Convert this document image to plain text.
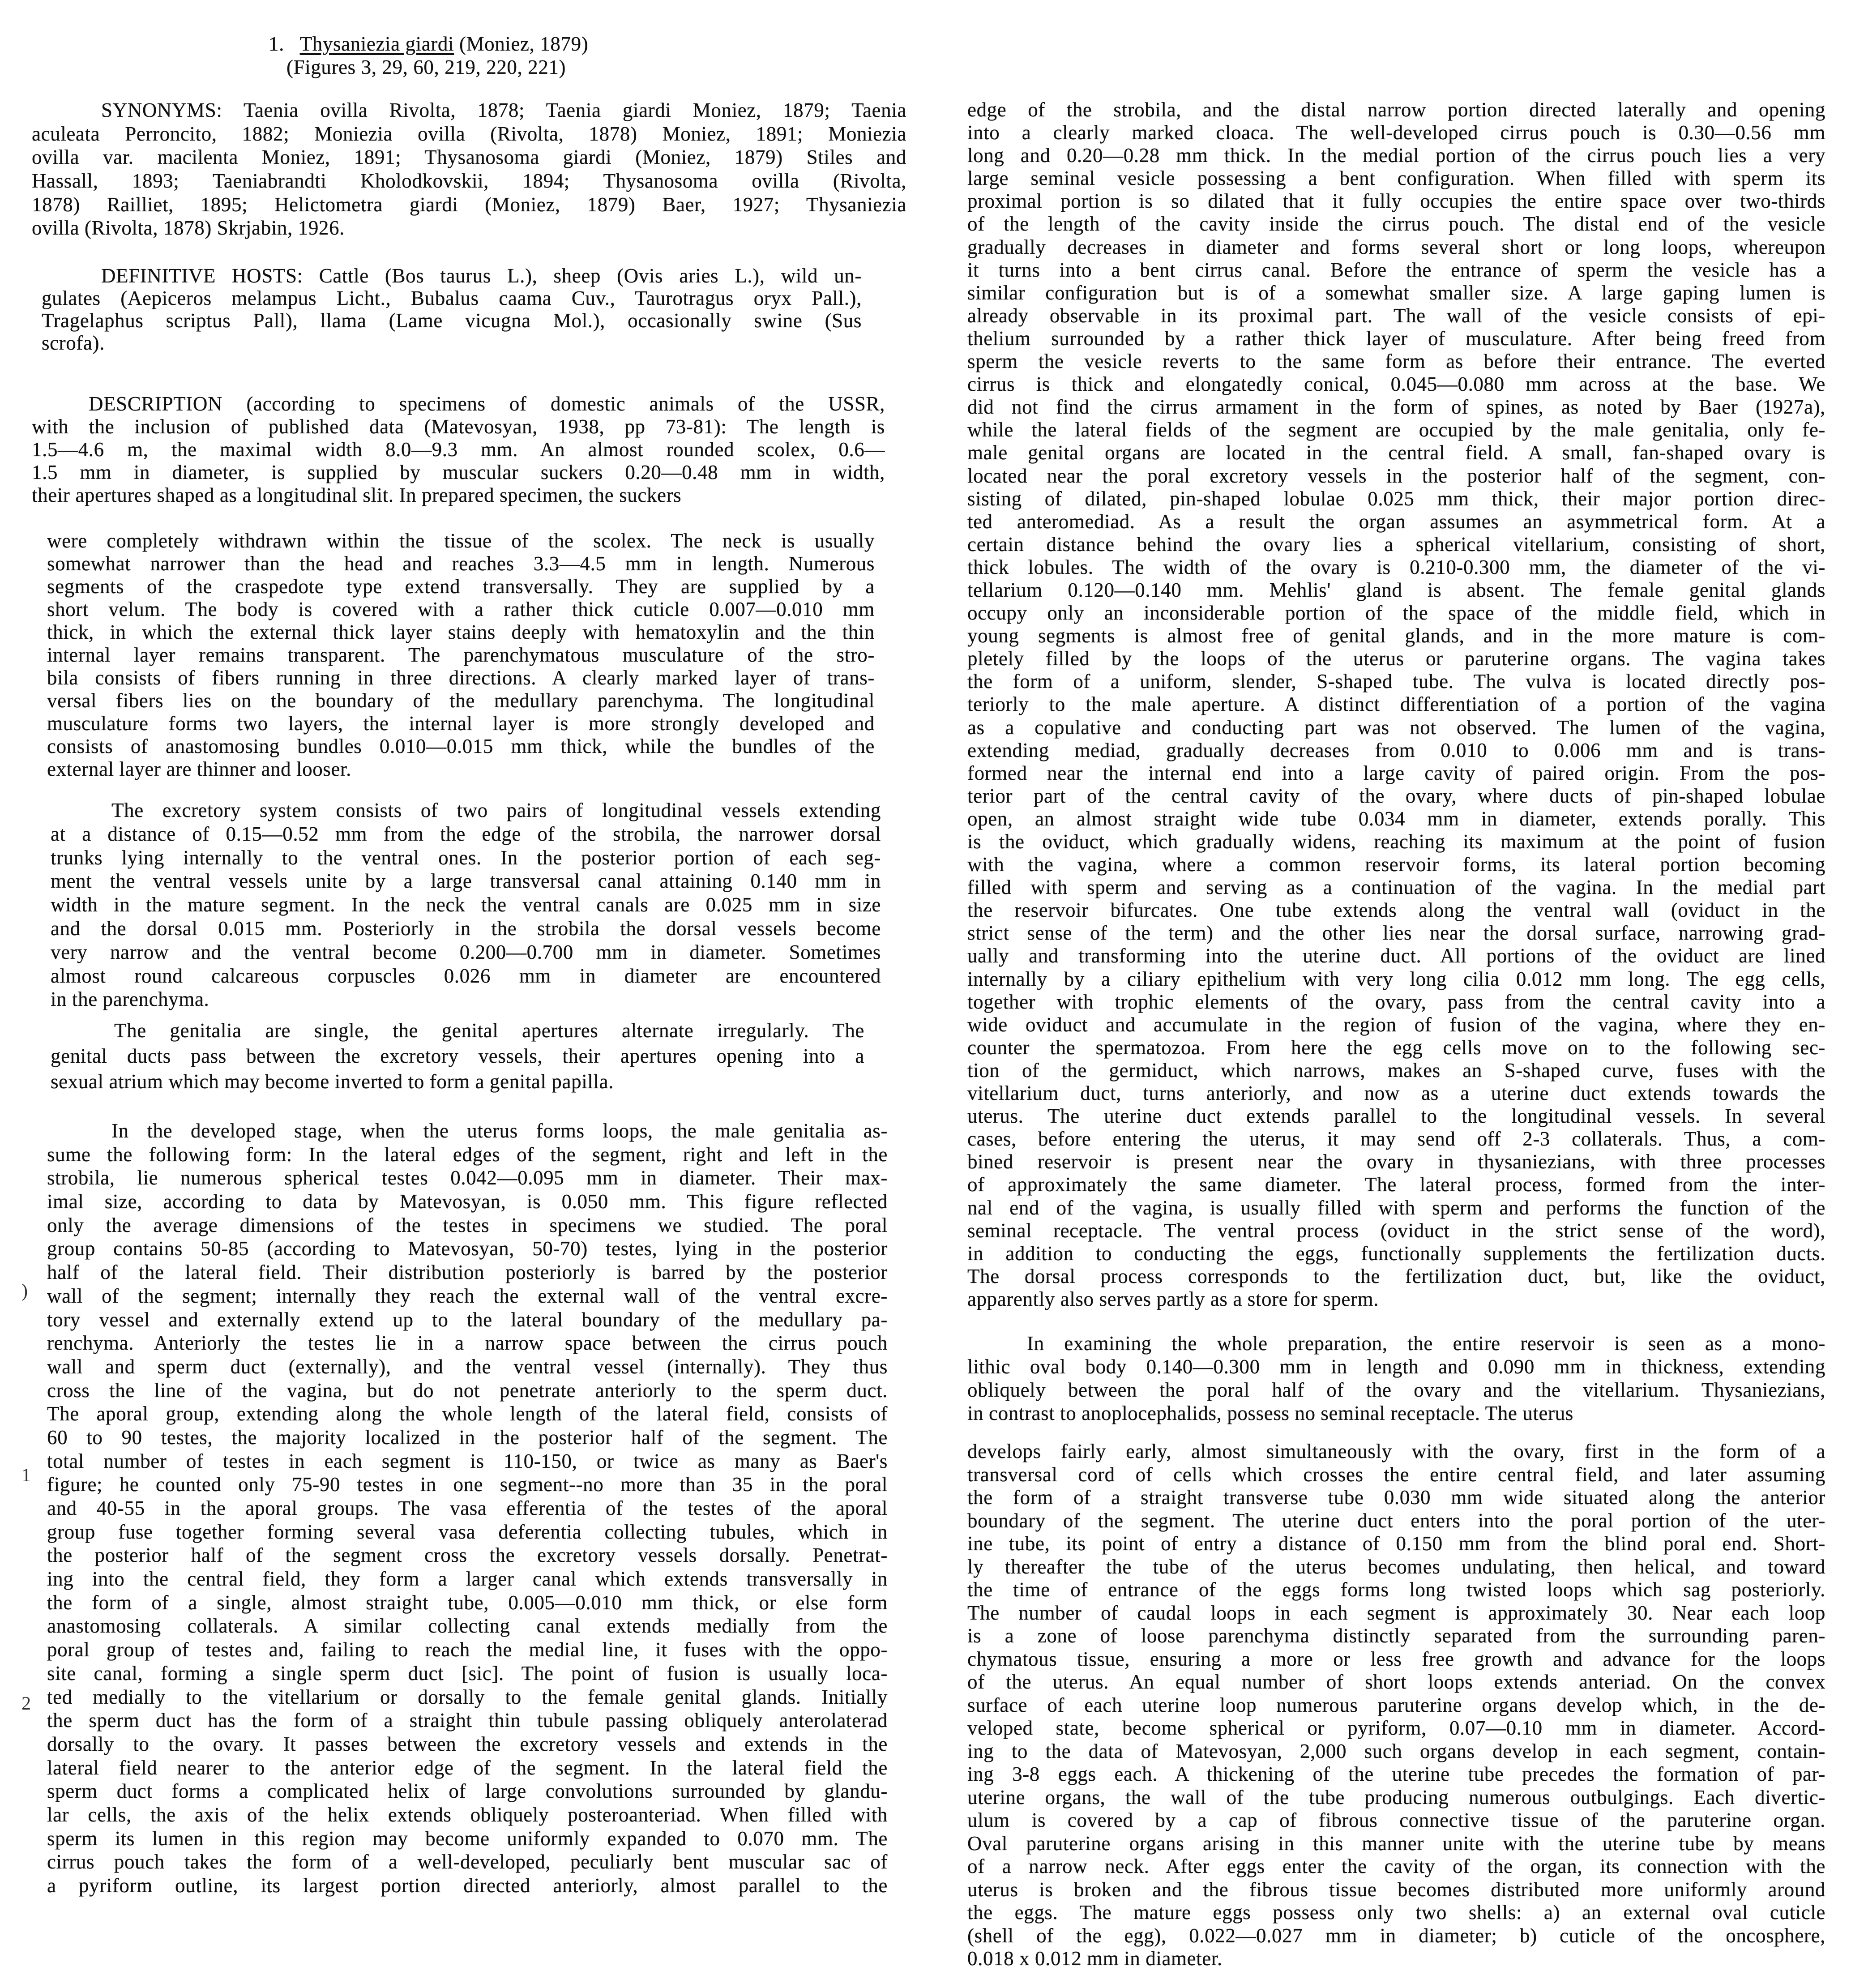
1. Thysaniezia giardi (Moniez, 1879)
(Figures 3, 29, 60, 219, 220, 221)
)
1
2
SYNONYMS: Taenia ovilla Rivolta, 1878; Taenia giardi Moniez, 1879; Taenia
aculeata Perroncito, 1882; Moniezia ovilla (Rivolta, 1878) Moniez, 1891; Moniezia
ovilla var. macilenta Moniez, 1891; Thysanosoma giardi (Moniez, 1879) Stiles and
Hassall, 1893; Taeniabrandti Kholodkovskii, 1894; Thysanosoma ovilla (Rivolta,
1878) Railliet, 1895; Helictometra giardi (Moniez, 1879) Baer, 1927; Thysaniezia
ovilla (Rivolta, 1878) Skrjabin, 1926.
DEFINITIVE HOSTS: Cattle (Bos taurus L.), sheep (Ovis aries L.), wild un-
gulates (Aepiceros melampus Licht., Bubalus caama Cuv., Taurotragus oryx Pall.),
Tragelaphus scriptus Pall), llama (Lame vicugna Mol.), occasionally swine (Sus
scrofa).
DESCRIPTION (according to specimens of domestic animals of the USSR,
with the inclusion of published data (Matevosyan, 1938, pp 73-81): The length is
1.5—4.6 m, the maximal width 8.0—9.3 mm. An almost rounded scolex, 0.6—
1.5 mm in diameter, is supplied by muscular suckers 0.20—0.48 mm in width,
their apertures shaped as a longitudinal slit. In prepared specimen, the suckers
were completely withdrawn within the tissue of the scolex. The neck is usually
somewhat narrower than the head and reaches 3.3—4.5 mm in length. Numerous
segments of the craspedote type extend transversally. They are supplied by a
short velum. The body is covered with a rather thick cuticle 0.007—0.010 mm
thick, in which the external thick layer stains deeply with hematoxylin and the thin
internal layer remains transparent. The parenchymatous musculature of the stro-
bila consists of fibers running in three directions. A clearly marked layer of trans-
versal fibers lies on the boundary of the medullary parenchyma. The longitudinal
musculature forms two layers, the internal layer is more strongly developed and
consists of anastomosing bundles 0.010—0.015 mm thick, while the bundles of the
external layer are thinner and looser.
The excretory system consists of two pairs of longitudinal vessels extending
at a distance of 0.15—0.52 mm from the edge of the strobila, the narrower dorsal
trunks lying internally to the ventral ones. In the posterior portion of each seg-
ment the ventral vessels unite by a large transversal canal attaining 0.140 mm in
width in the mature segment. In the neck the ventral canals are 0.025 mm in size
and the dorsal 0.015 mm. Posteriorly in the strobila the dorsal vessels become
very narrow and the ventral become 0.200—0.700 mm in diameter. Sometimes
almost round calcareous corpuscles 0.026 mm in diameter are encountered
in the parenchyma.
The genitalia are single, the genital apertures alternate irregularly. The
genital ducts pass between the excretory vessels, their apertures opening into a
sexual atrium which may become inverted to form a genital papilla.
In the developed stage, when the uterus forms loops, the male genitalia as-
sume the following form: In the lateral edges of the segment, right and left in the
strobila, lie numerous spherical testes 0.042—0.095 mm in diameter. Their max-
imal size, according to data by Matevosyan, is 0.050 mm. This figure reflected
only the average dimensions of the testes in specimens we studied. The poral
group contains 50-85 (according to Matevosyan, 50-70) testes, lying in the posterior
half of the lateral field. Their distribution posteriorly is barred by the posterior
wall of the segment; internally they reach the external wall of the ventral excre-
tory vessel and externally extend up to the lateral boundary of the medullary pa-
renchyma. Anteriorly the testes lie in a narrow space between the cirrus pouch
wall and sperm duct (externally), and the ventral vessel (internally). They thus
cross the line of the vagina, but do not penetrate anteriorly to the sperm duct.
The aporal group, extending along the whole length of the lateral field, consists of
60 to 90 testes, the majority localized in the posterior half of the segment. The
total number of testes in each segment is 110-150, or twice as many as Baer's
figure; he counted only 75-90 testes in one segment--no more than 35 in the poral
and 40-55 in the aporal groups. The vasa efferentia of the testes of the aporal
group fuse together forming several vasa deferentia collecting tubules, which in
the posterior half of the segment cross the excretory vessels dorsally. Penetrat-
ing into the central field, they form a larger canal which extends transversally in
the form of a single, almost straight tube, 0.005—0.010 mm thick, or else form
anastomosing collaterals. A similar collecting canal extends medially from the
poral group of testes and, failing to reach the medial line, it fuses with the oppo-
site canal, forming a single sperm duct [sic]. The point of fusion is usually loca-
ted medially to the vitellarium or dorsally to the female genital glands. Initially
the sperm duct has the form of a straight thin tubule passing obliquely anterolaterad
dorsally to the ovary. It passes between the excretory vessels and extends in the
lateral field nearer to the anterior edge of the segment. In the lateral field the
sperm duct forms a complicated helix of large convolutions surrounded by glandu-
lar cells, the axis of the helix extends obliquely posteroanteriad. When filled with
sperm its lumen in this region may become uniformly expanded to 0.070 mm. The
cirrus pouch takes the form of a well-developed, peculiarly bent muscular sac of
a pyriform outline, its largest portion directed anteriorly, almost parallel to the
edge of the strobila, and the distal narrow portion directed laterally and opening
into a clearly marked cloaca. The well-developed cirrus pouch is 0.30—0.56 mm
long and 0.20—0.28 mm thick. In the medial portion of the cirrus pouch lies a very
large seminal vesicle possessing a bent configuration. When filled with sperm its
proximal portion is so dilated that it fully occupies the entire space over two-thirds
of the length of the cavity inside the cirrus pouch. The distal end of the vesicle
gradually decreases in diameter and forms several short or long loops, whereupon
it turns into a bent cirrus canal. Before the entrance of sperm the vesicle has a
similar configuration but is of a somewhat smaller size. A large gaping lumen is
already observable in its proximal part. The wall of the vesicle consists of epi-
thelium surrounded by a rather thick layer of musculature. After being freed from
sperm the vesicle reverts to the same form as before their entrance. The everted
cirrus is thick and elongatedly conical, 0.045—0.080 mm across at the base. We
did not find the cirrus armament in the form of spines, as noted by Baer (1927a),
while the lateral fields of the segment are occupied by the male genitalia, only fe-
male genital organs are located in the central field. A small, fan-shaped ovary is
located near the poral excretory vessels in the posterior half of the segment, con-
sisting of dilated, pin-shaped lobulae 0.025 mm thick, their major portion direc-
ted anteromediad. As a result the organ assumes an asymmetrical form. At a
certain distance behind the ovary lies a spherical vitellarium, consisting of short,
thick lobules. The width of the ovary is 0.210-0.300 mm, the diameter of the vi-
tellarium 0.120—0.140 mm. Mehlis' gland is absent. The female genital glands
occupy only an inconsiderable portion of the space of the middle field, which in
young segments is almost free of genital glands, and in the more mature is com-
pletely filled by the loops of the uterus or paruterine organs. The vagina takes
the form of a uniform, slender, S-shaped tube. The vulva is located directly pos-
teriorly to the male aperture. A distinct differentiation of a portion of the vagina
as a copulative and conducting part was not observed. The lumen of the vagina,
extending mediad, gradually decreases from 0.010 to 0.006 mm and is trans-
formed near the internal end into a large cavity of paired origin. From the pos-
terior part of the central cavity of the ovary, where ducts of pin-shaped lobulae
open, an almost straight wide tube 0.034 mm in diameter, extends porally. This
is the oviduct, which gradually widens, reaching its maximum at the point of fusion
with the vagina, where a common reservoir forms, its lateral portion becoming
filled with sperm and serving as a continuation of the vagina. In the medial part
the reservoir bifurcates. One tube extends along the ventral wall (oviduct in the
strict sense of the term) and the other lies near the dorsal surface, narrowing grad-
ually and transforming into the uterine duct. All portions of the oviduct are lined
internally by a ciliary epithelium with very long cilia 0.012 mm long. The egg cells,
together with trophic elements of the ovary, pass from the central cavity into a
wide oviduct and accumulate in the region of fusion of the vagina, where they en-
counter the spermatozoa. From here the egg cells move on to the following sec-
tion of the germiduct, which narrows, makes an S-shaped curve, fuses with the
vitellarium duct, turns anteriorly, and now as a uterine duct extends towards the
uterus. The uterine duct extends parallel to the longitudinal vessels. In several
cases, before entering the uterus, it may send off 2-3 collaterals. Thus, a com-
bined reservoir is present near the ovary in thysaniezians, with three processes
of approximately the same diameter. The lateral process, formed from the inter-
nal end of the vagina, is usually filled with sperm and performs the function of the
seminal receptacle. The ventral process (oviduct in the strict sense of the word),
in addition to conducting the eggs, functionally supplements the fertilization ducts.
The dorsal process corresponds to the fertilization duct, but, like the oviduct,
apparently also serves partly as a store for sperm.
In examining the whole preparation, the entire reservoir is seen as a mono-
lithic oval body 0.140—0.300 mm in length and 0.090 mm in thickness, extending
obliquely between the poral half of the ovary and the vitellarium. Thysaniezians,
in contrast to anoplocephalids, possess no seminal receptacle. The uterus
develops fairly early, almost simultaneously with the ovary, first in the form of a
transversal cord of cells which crosses the entire central field, and later assuming
the form of a straight transverse tube 0.030 mm wide situated along the anterior
boundary of the segment. The uterine duct enters into the poral portion of the uter-
ine tube, its point of entry a distance of 0.150 mm from the blind poral end. Short-
ly thereafter the tube of the uterus becomes undulating, then helical, and toward
the time of entrance of the eggs forms long twisted loops which sag posteriorly.
The number of caudal loops in each segment is approximately 30. Near each loop
is a zone of loose parenchyma distinctly separated from the surrounding paren-
chymatous tissue, ensuring a more or less free growth and advance for the loops
of the uterus. An equal number of short loops extends anteriad. On the convex
surface of each uterine loop numerous paruterine organs develop which, in the de-
veloped state, become spherical or pyriform, 0.07—0.10 mm in diameter. Accord-
ing to the data of Matevosyan, 2,000 such organs develop in each segment, contain-
ing 3-8 eggs each. A thickening of the uterine tube precedes the formation of par-
uterine organs, the wall of the tube producing numerous outbulgings. Each divertic-
ulum is covered by a cap of fibrous connective tissue of the paruterine organ.
Oval paruterine organs arising in this manner unite with the uterine tube by means
of a narrow neck. After eggs enter the cavity of the organ, its connection with the
uterus is broken and the fibrous tissue becomes distributed more uniformly around
the eggs. The mature eggs possess only two shells: a) an external oval cuticle
(shell of the egg), 0.022—0.027 mm in diameter; b) cuticle of the oncosphere,
0.018 x 0.012 mm in diameter.
